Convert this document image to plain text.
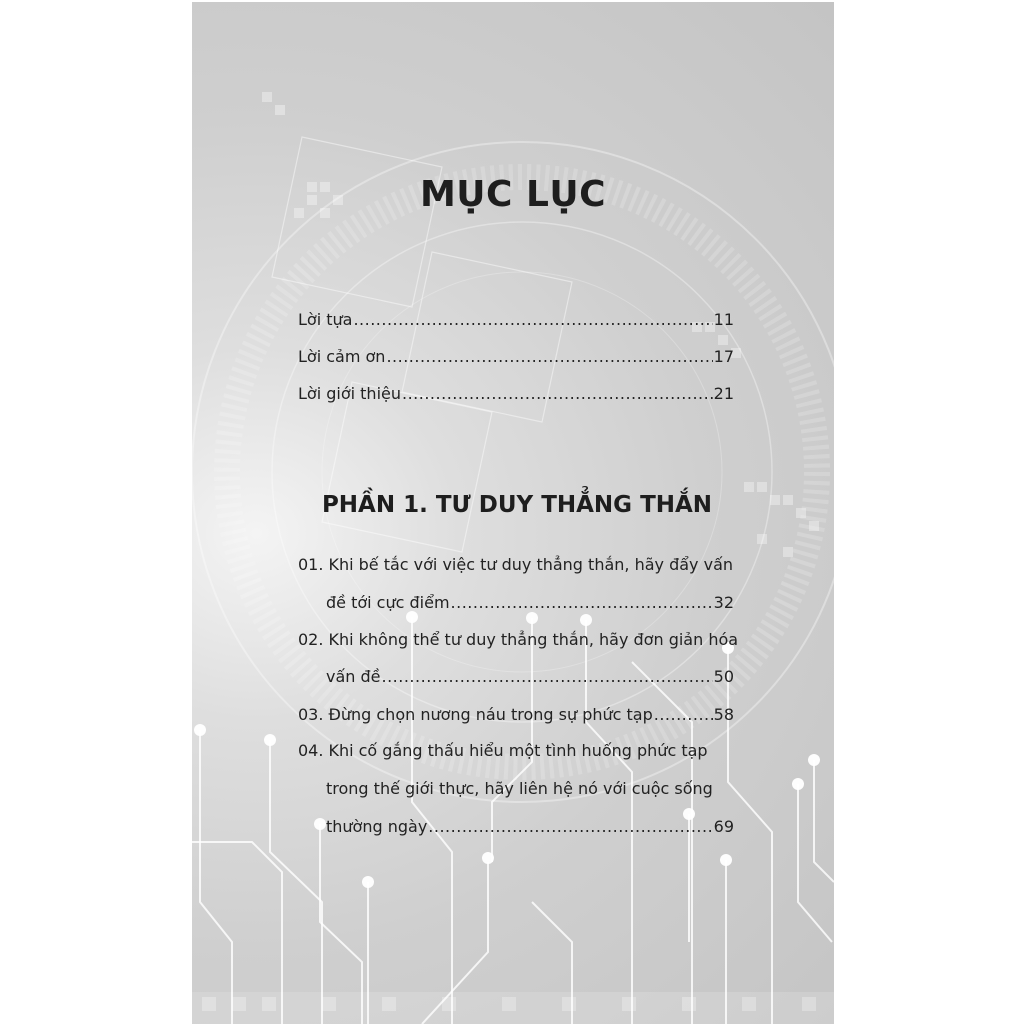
MỤC LỤC
Lời tựa .....	11
Lời cảm ơn .....	17
Lời giới thiệu .....	21
PHẦN 1. TƯ DUY THẲNG THẮN
01. Khi bế tắc với việc tư duy thẳng thắn, hãy đẩy vấn
đề tới cực điểm .....	32
02. Khi không thể tư duy thẳng thắn, hãy đơn giản hóa
vấn đề .....	50
03. Đừng chọn nương náu trong sự phức tạp .....	58
04. Khi cố gắng thấu hiểu một tình huống phức tạp
trong thế giới thực, hãy liên hệ nó với cuộc sống
thường ngày .....	69
